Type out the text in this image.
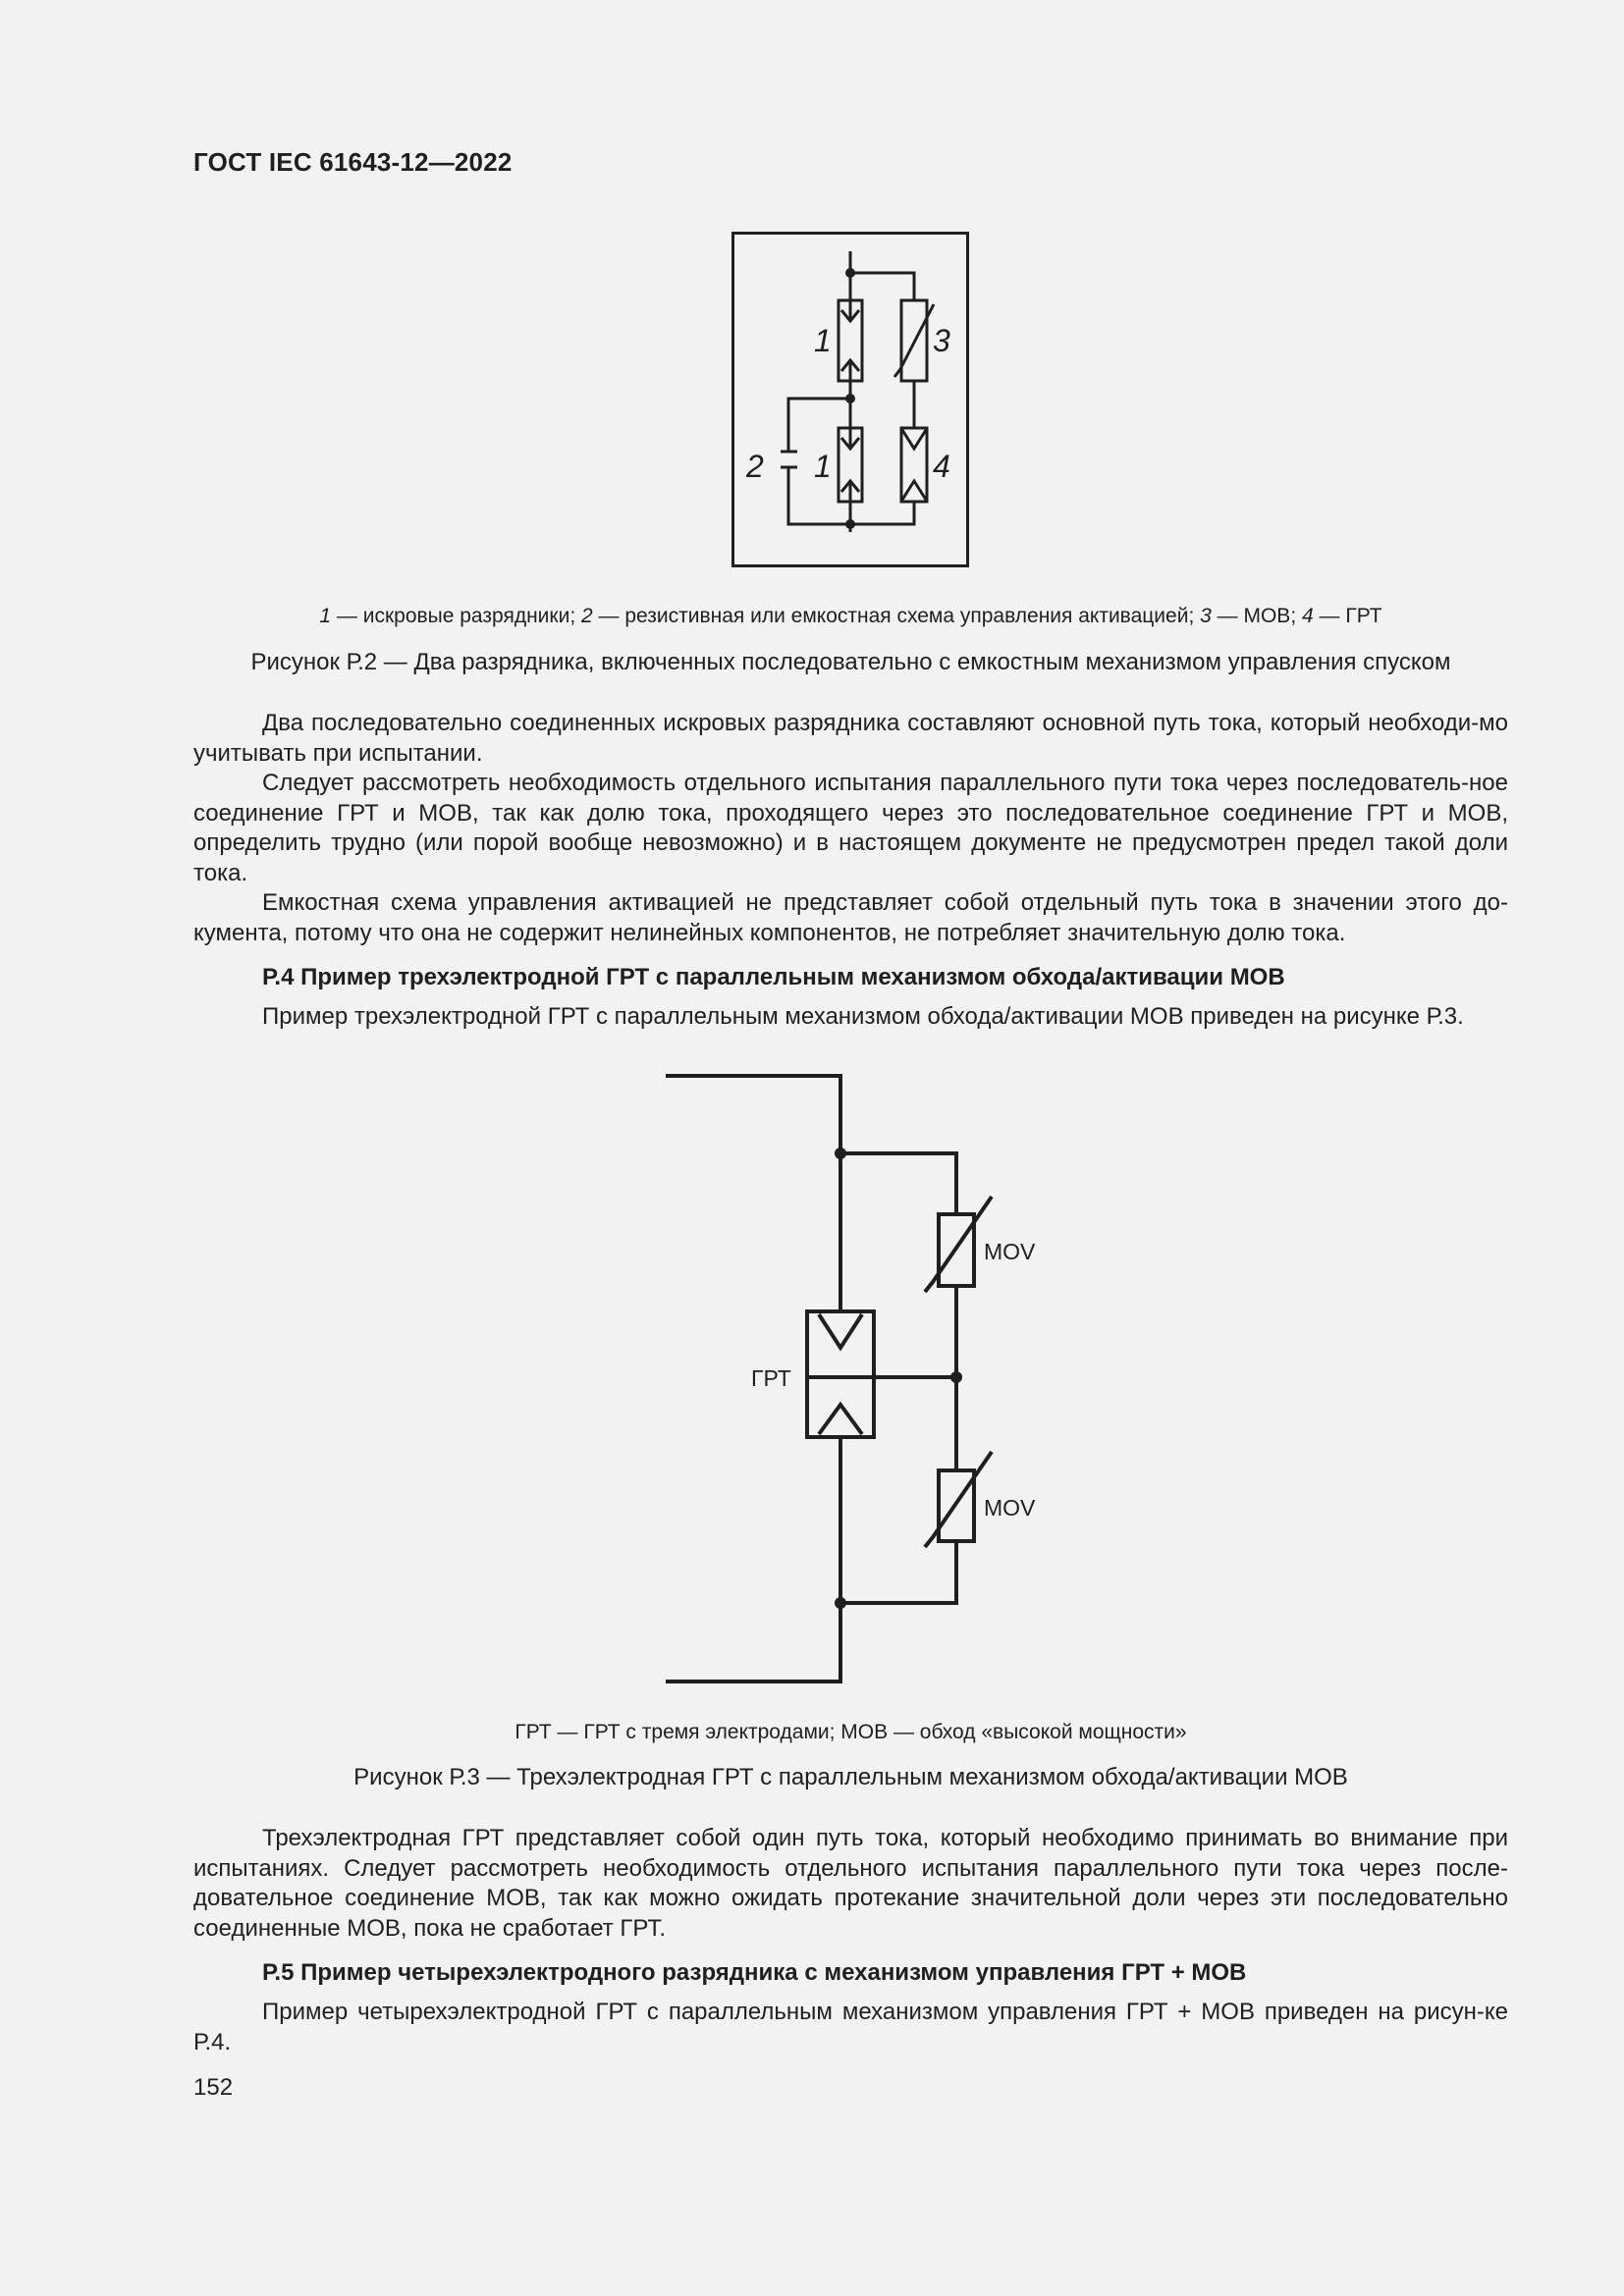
ГОСТ IEC 61643-12—2022
1	3
2 1	4
1 — искровые разрядники; 2 — резистивная или емкостная схема управления активацией; 3 — МОВ; 4 — ГРТ
Рисунок Р.2 — Два разрядника, включенных последовательно с емкостным механизмом управления спуском

Два последовательно соединенных искровых разрядника составляют основной путь тока, который необходи-мо учитывать при испытании.

Следует рассмотреть необходимость отдельного испытания параллельного пути тока через последователь-ное соединение ГРТ и МОВ, так как долю тока, проходящего через это последовательное соединение ГРТ и МОВ, определить трудно (или порой вообще невозможно) и в настоящем документе не предусмотрен предел такой доли тока.

Емкостная схема управления активацией не представляет собой отдельный путь тока в значении этого до-кумента, потому что она не содержит нелинейных компонентов, не потребляет значительную долю тока.

Р.4 Пример трехэлектродной ГРТ с параллельным механизмом обхода/активации МОВ

Пример трехэлектродной ГРТ с параллельным механизмом обхода/активации МОВ приведен на рисунке Р.3.

ГРТ
MOV
MOV
ГРТ — ГРТ с тремя электродами; МОВ — обход «высокой мощности»
Рисунок Р.3 — Трехэлектродная ГРТ с параллельным механизмом обхода/активации МОВ

Трехэлектродная ГРТ представляет собой один путь тока, который необходимо принимать во внимание при испытаниях. Следует рассмотреть необходимость отдельного испытания параллельного пути тока через после-довательное соединение МОВ, так как можно ожидать протекание значительной доли через эти последовательно соединенные МОВ, пока не сработает ГРТ.

Р.5 Пример четырехэлектродного разрядника с механизмом управления ГРТ + МОВ

Пример четырехэлектродной ГРТ с параллельным механизмом управления ГРТ + МОВ приведен на рисун-ке Р.4.

152
